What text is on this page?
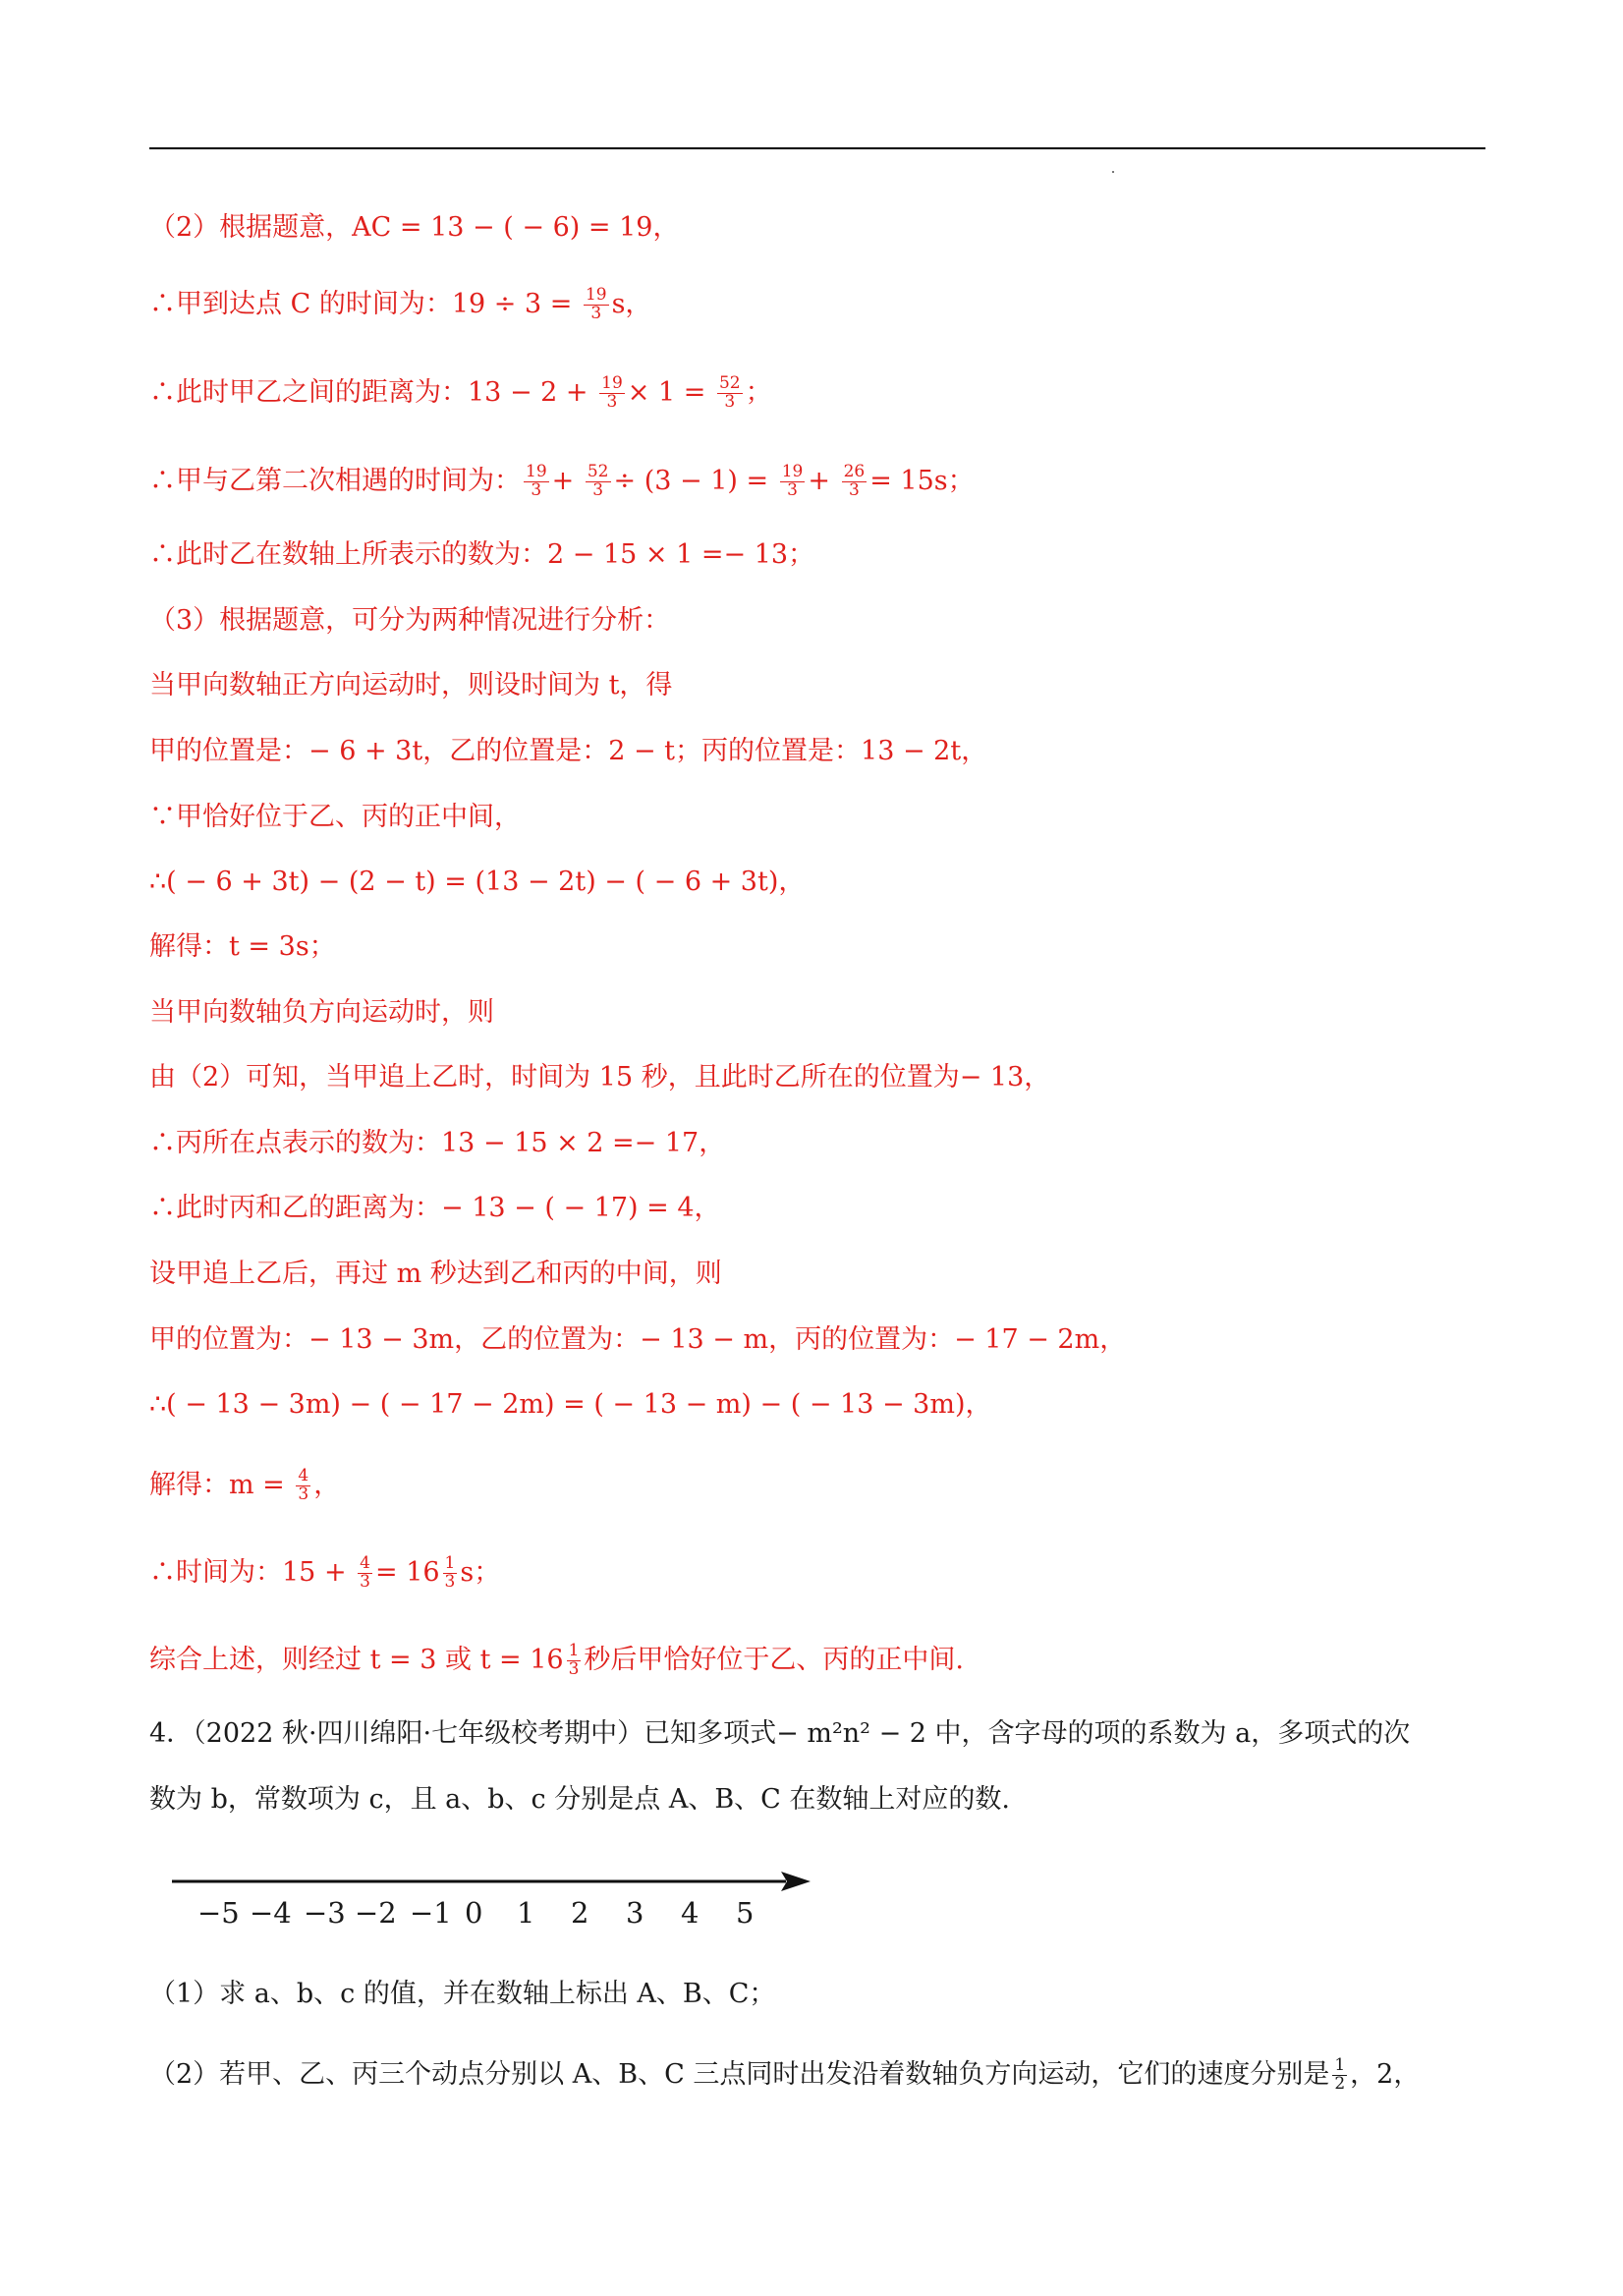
（2）根据题意，AC = 13 − ( − 6) = 19，
∴甲到达点 C 的时间为：$19 \div 3 = \frac{19}{3}$ s，
∴此时甲乙之间的距离为：$13 - 2 + \frac{19}{3} \times 1 = \frac{52}{3}$ ；
∴甲与乙第二次相遇的时间为： $\frac{19}{3} + \frac{52}{3} \div (3 - 1) = \frac{19}{3} + \frac{26}{3} = 15s$；
∴此时乙在数轴上所表示的数为：2 − 15 × 1 =− 13；
（3）根据题意，可分为两种情况进行分析：
当甲向数轴正方向运动时，则设时间为 t，得
甲的位置是：− 6 + 3t，乙的位置是：2 − t；丙的位置是：13 − 2t，
∵甲恰好位于乙、丙的正中间，
∴( − 6 + 3t) − (2 − t) = (13 − 2t) − ( − 6 + 3t)，
解得：t = 3s；
当甲向数轴负方向运动时，则
由（2）可知，当甲追上乙时，时间为 15 秒，且此时乙所在的位置为− 13，
∴丙所在点表示的数为：13 − 15 × 2 =− 17，
∴此时丙和乙的距离为：− 13 − ( − 17) = 4，
设甲追上乙后，再过 m 秒达到乙和丙的中间，则
甲的位置为：− 13 − 3m，乙的位置为：− 13 − m，丙的位置为：− 17 − 2m，
∴( − 13 − 3m) − ( − 17 − 2m) = ( − 13 − m) − ( − 13 − 3m)，
解得：$m = \frac{4}{3}$ ，
∴时间为：$15 + \frac{4}{3} = 16 \frac{1}{3}$ s；
综合上述，则经过 t = 3 或 $t = 16 \frac{1}{3}$ 秒后甲恰好位于乙、丙的正中间.
4．（2022 秋·四川绵阳·七年级校考期中）已知多项式− m²n² − 2 中，含字母的项的系数为 a，多项式的次
数为 b，常数项为 c，且 a、b、c 分别是点 A、B、C 在数轴上对应的数.
（1）求 a、b、c 的值，并在数轴上标出 A、B、C；
（2）若甲、乙、丙三个动点分别以 A、B、C 三点同时出发沿着数轴负方向运动，它们的速度分别是 $\frac{1}{2}$ ，2，
−5 −4 −3 −2 −1 0 1 2 3 4 5
